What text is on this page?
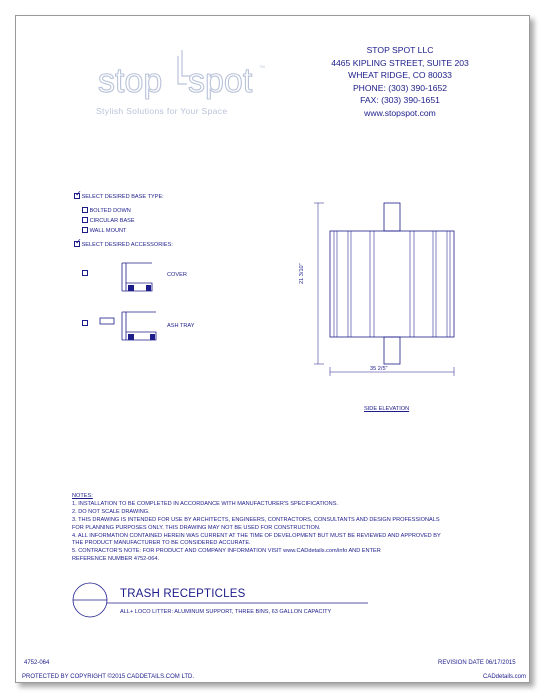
stop spot TM
Stylish Solutions for Your Space
STOP SPOT LLC
4465 KIPLING STREET, SUITE 203
WHEAT RIDGE, CO 80033
PHONE: (303) 390-1652
FAX: (303) 390-1651
www.stopspot.com
✓ SELECT DESIRED BASE TYPE:
BOLTED DOWN
CIRCULAR BASE
WALL MOUNT
✓ SELECT DESIRED ACCESSORIES:
COVER
ASH TRAY
21 3/10"
35 2/5"
SIDE ELEVATION
NOTES:
1. INSTALLATION TO BE COMPLETED IN ACCORDANCE WITH MANUFACTURER'S SPECIFICATIONS.
2. DO NOT SCALE DRAWING.
3. THIS DRAWING IS INTENDED FOR USE BY ARCHITECTS, ENGINEERS, CONTRACTORS, CONSULTANTS AND DESIGN PROFESSIONALS
FOR PLANNING PURPOSES ONLY. THIS DRAWING MAY NOT BE USED FOR CONSTRUCTION.
4. ALL INFORMATION CONTAINED HEREIN WAS CURRENT AT THE TIME OF DEVELOPMENT BUT MUST BE REVIEWED AND APPROVED BY
THE PRODUCT MANUFACTURER TO BE CONSIDERED ACCURATE.
5. CONTRACTOR'S NOTE: FOR PRODUCT AND COMPANY INFORMATION VISIT www.CADdetails.com/info AND ENTER
REFERENCE NUMBER 4752-064.
TRASH RECEPTICLES
ALL+ LOCO LITTER: ALUMINUM SUPPORT, THREE BINS, 63 GALLON CAPACITY
4752-064	REVISION DATE 06/17/2015
PROTECTED BY COPYRIGHT ©2015 CADDETAILS.COM LTD.	CADdetails.com
